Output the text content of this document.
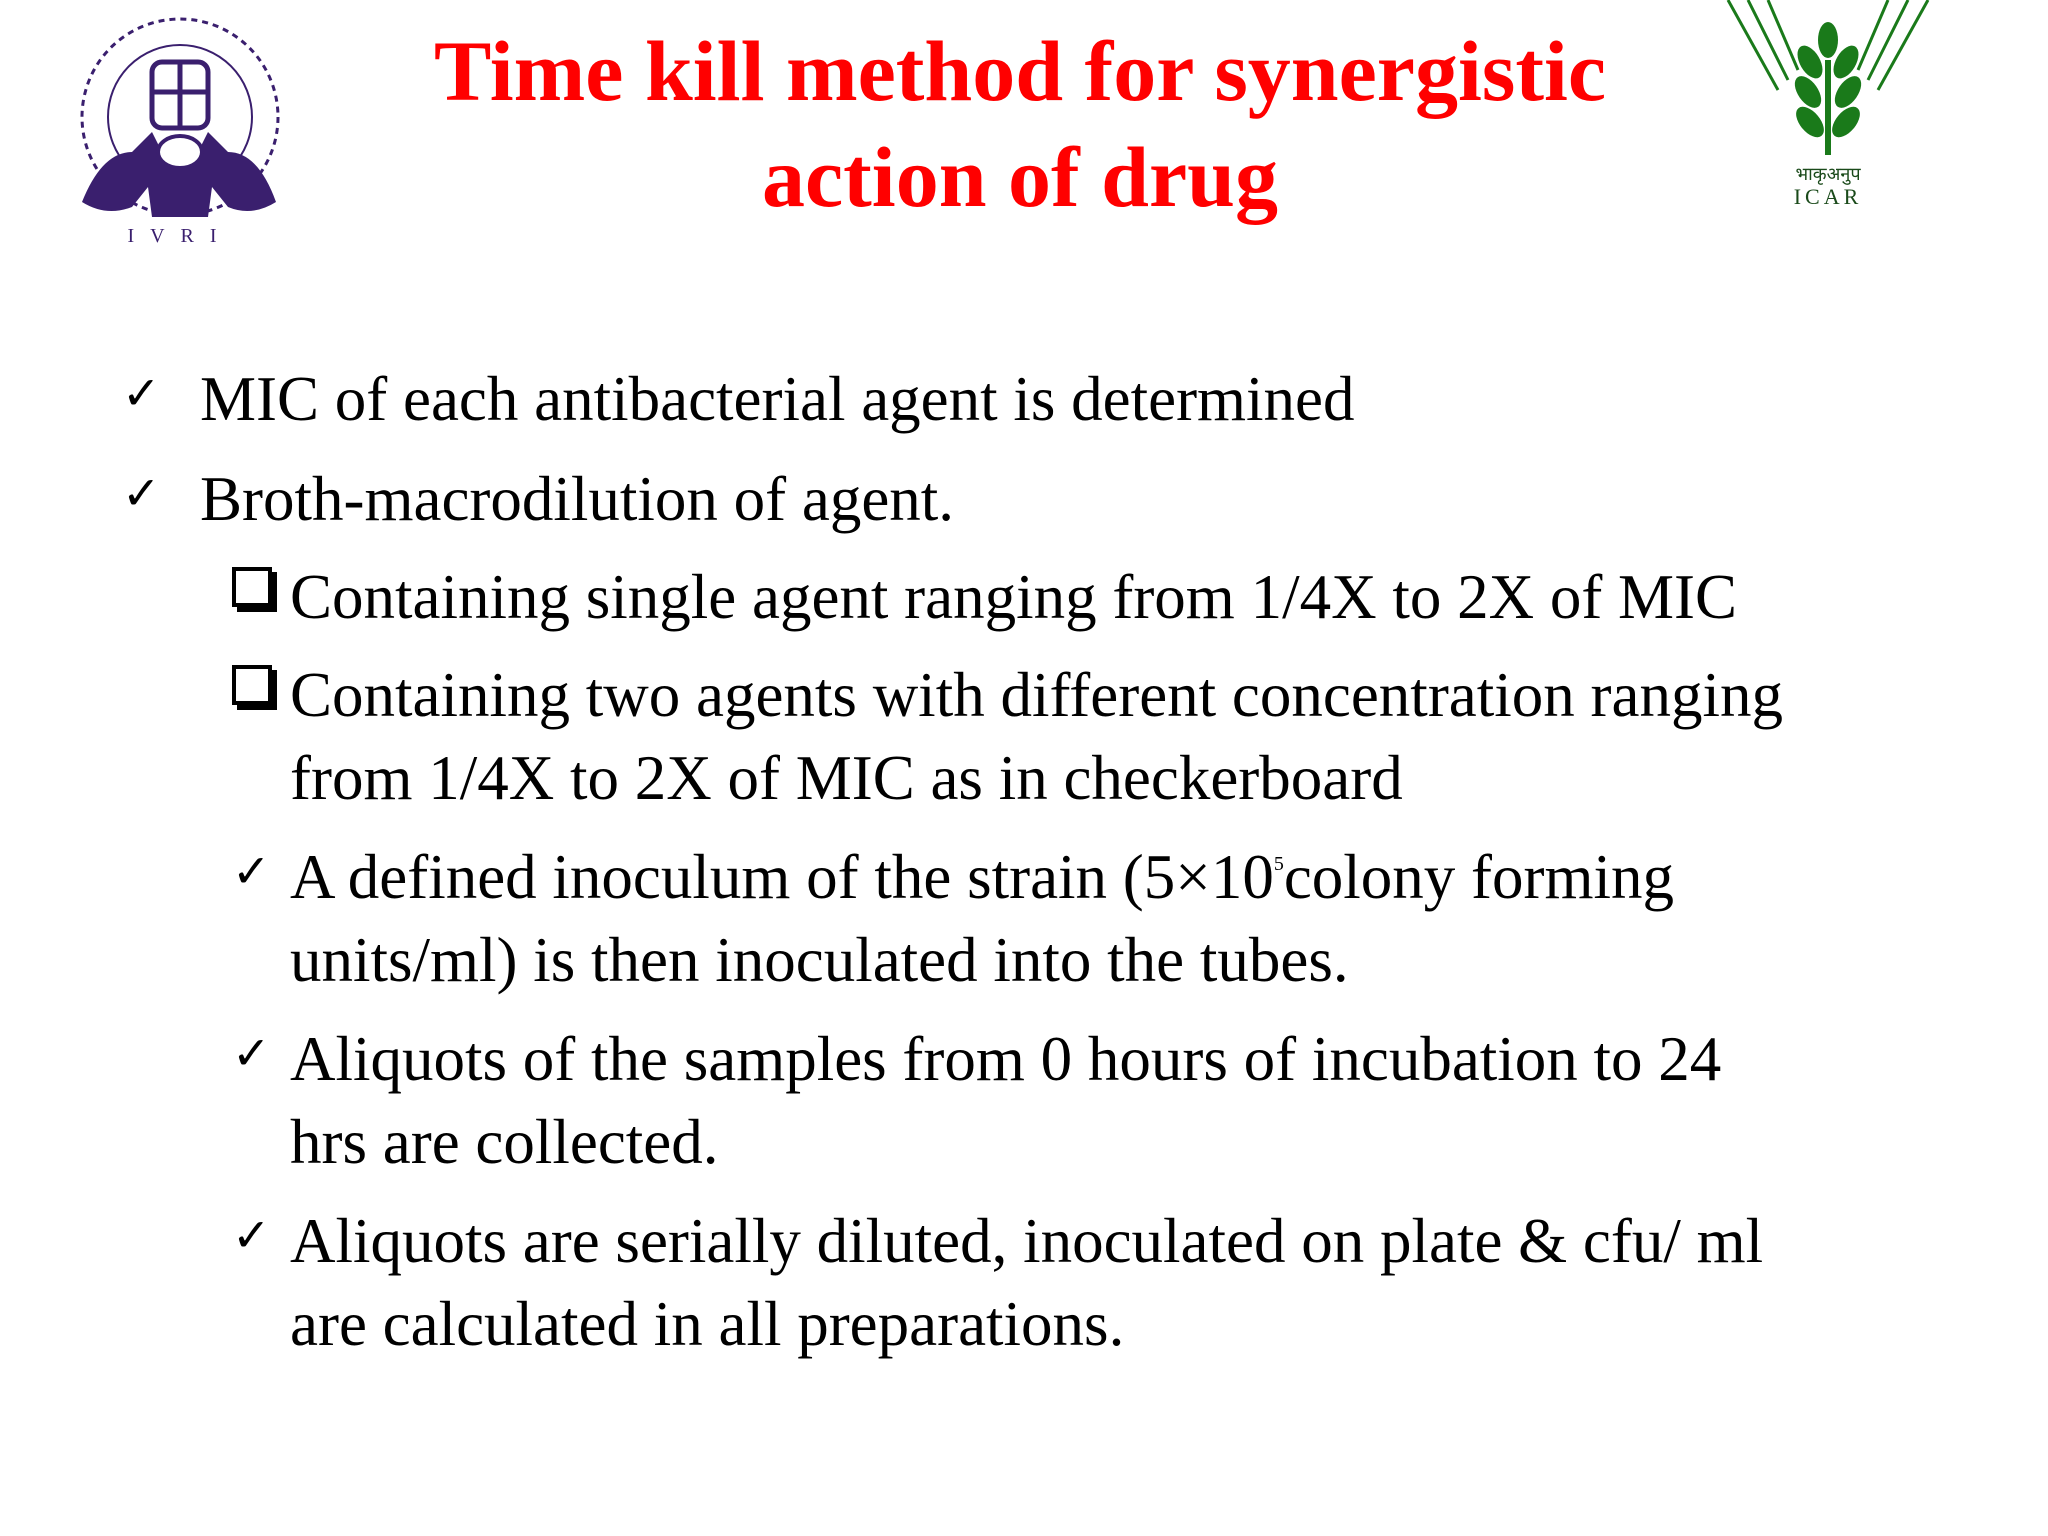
IVRI
Time kill method for synergistic
action of drug	भाकृअनुप
ICAR
✓ MIC of each antibacterial agent is determined
✓ Broth-macrodilution of agent.
Containing single agent ranging from 1/4X to 2X of MIC
Containing two agents with different concentration ranging
from 1/4X to 2X of MIC as in checkerboard
✓ A defined inoculum of the strain ($5\times 10^5colony$ forming
units/ml) is then inoculated into the tubes.
✓ Aliquots of the samples from 0 hours of incubation to 24
hrs are collected.
✓ Aliquots are serially diluted, inoculated on plate & cfu/ ml
are calculated in all preparations.
